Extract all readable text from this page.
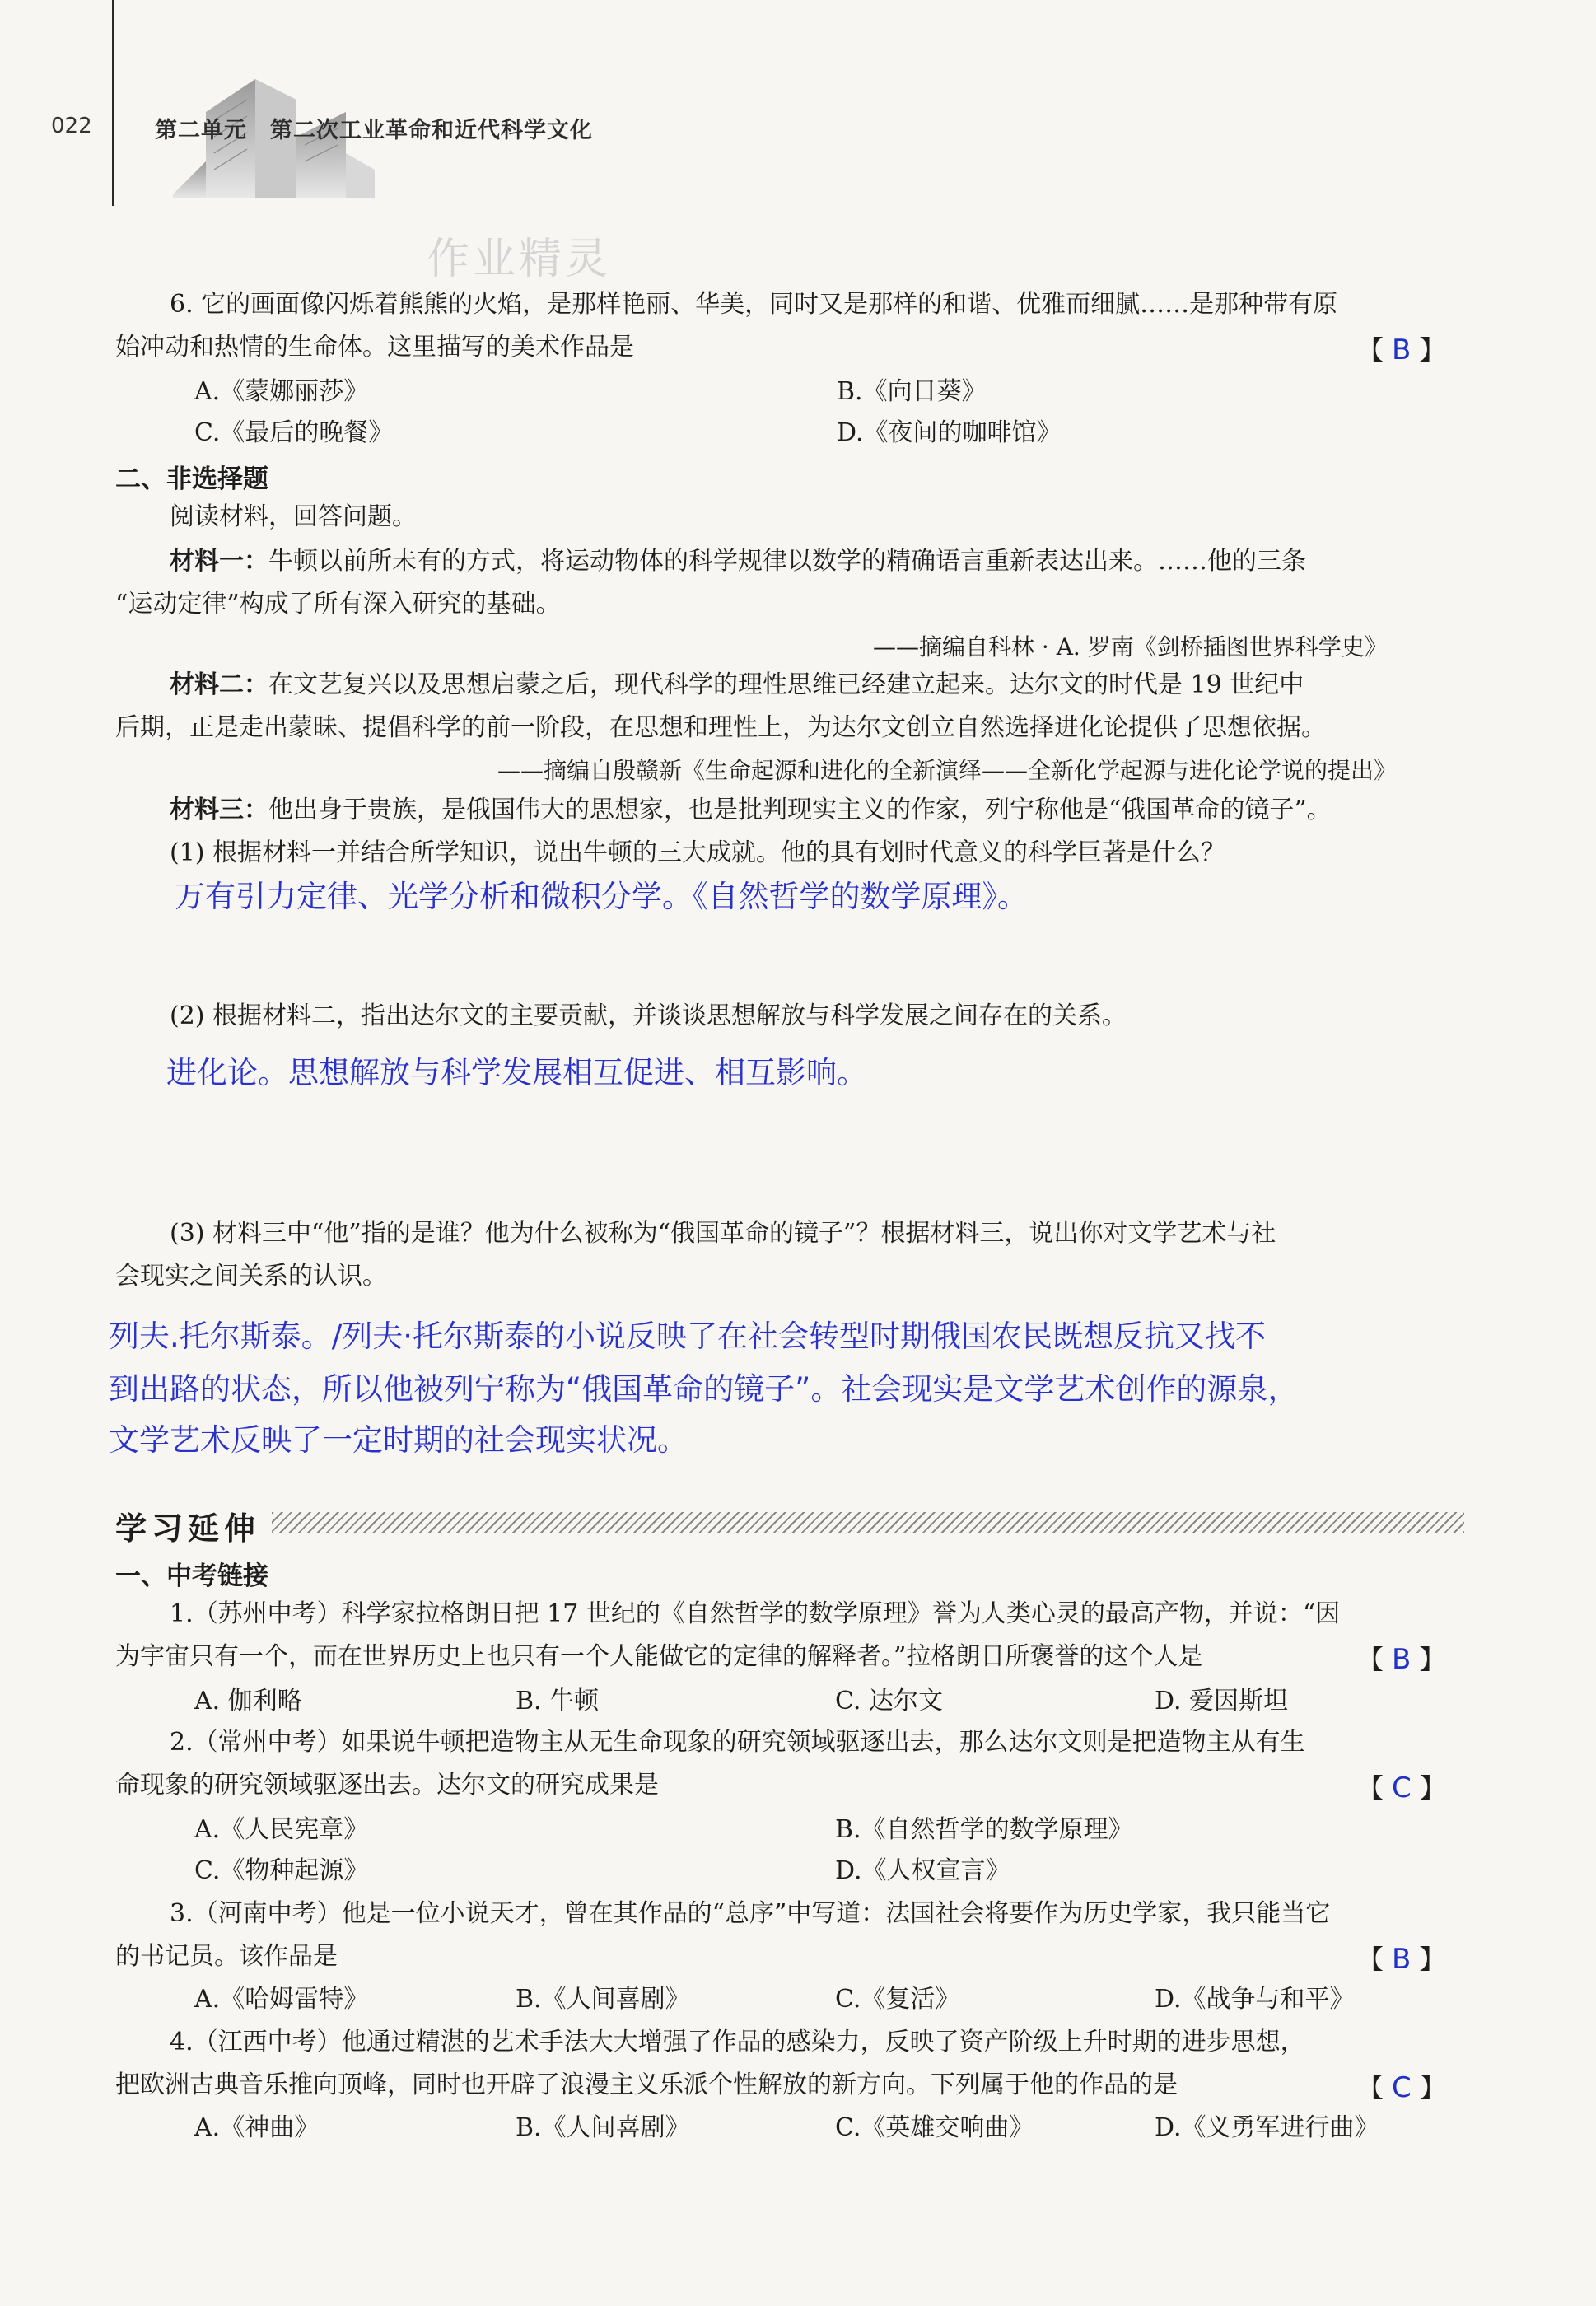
022	第二单元　第二次工业革命和近代科学文化
作业精灵
6. 它的画面像闪烁着熊熊的火焰，是那样艳丽、华美，同时又是那样的和谐、优雅而细腻……是那种带有原
始冲动和热情的生命体。这里描写的美术作品是	【 B 】
A.《蒙娜丽莎》	B.《向日葵》
C.《最后的晚餐》	D.《夜间的咖啡馆》
二、非选择题
阅读材料，回答问题。
材料一：牛顿以前所未有的方式，将运动物体的科学规律以数学的精确语言重新表达出来。……他的三条
“运动定律”构成了所有深入研究的基础。
——摘编自科林 · A. 罗南《剑桥插图世界科学史》
材料二：在文艺复兴以及思想启蒙之后，现代科学的理性思维已经建立起来。达尔文的时代是 19 世纪中
后期，正是走出蒙昧、提倡科学的前一阶段，在思想和理性上，为达尔文创立自然选择进化论提供了思想依据。
——摘编自殷赣新《生命起源和进化的全新演绎——全新化学起源与进化论学说的提出》
材料三：他出身于贵族，是俄国伟大的思想家，也是批判现实主义的作家，列宁称他是“俄国革命的镜子”。
(1) 根据材料一并结合所学知识，说出牛顿的三大成就。他的具有划时代意义的科学巨著是什么？
万有引力定律、光学分析和微积分学。《自然哲学的数学原理》。
(2) 根据材料二，指出达尔文的主要贡献，并谈谈思想解放与科学发展之间存在的关系。
进化论。思想解放与科学发展相互促进、相互影响。
(3) 材料三中“他”指的是谁？他为什么被称为“俄国革命的镜子”？根据材料三，说出你对文学艺术与社
会现实之间关系的认识。
列夫.托尔斯泰。/列夫·托尔斯泰的小说反映了在社会转型时期俄国农民既想反抗又找不
到出路的状态，所以他被列宁称为“俄国革命的镜子”。社会现实是文学艺术创作的源泉，
文学艺术反映了一定时期的社会现实状况。
学习延伸
一、中考链接
1.（苏州中考）科学家拉格朗日把 17 世纪的《自然哲学的数学原理》誉为人类心灵的最高产物，并说：“因
为宇宙只有一个，而在世界历史上也只有一个人能做它的定律的解释者。”拉格朗日所褒誉的这个人是	【 B 】
A. 伽利略	B. 牛顿	C. 达尔文	D. 爱因斯坦
2.（常州中考）如果说牛顿把造物主从无生命现象的研究领域驱逐出去，那么达尔文则是把造物主从有生
命现象的研究领域驱逐出去。达尔文的研究成果是	【 C 】
A.《人民宪章》	B.《自然哲学的数学原理》
C.《物种起源》	D.《人权宣言》
3.（河南中考）他是一位小说天才，曾在其作品的“总序”中写道：法国社会将要作为历史学家，我只能当它
的书记员。该作品是	【 B 】
A.《哈姆雷特》	B.《人间喜剧》	C.《复活》	D.《战争与和平》
4.（江西中考）他通过精湛的艺术手法大大增强了作品的感染力，反映了资产阶级上升时期的进步思想，
把欧洲古典音乐推向顶峰，同时也开辟了浪漫主义乐派个性解放的新方向。下列属于他的作品的是	【 C 】
A.《神曲》	B.《人间喜剧》	C.《英雄交响曲》	D.《义勇军进行曲》
